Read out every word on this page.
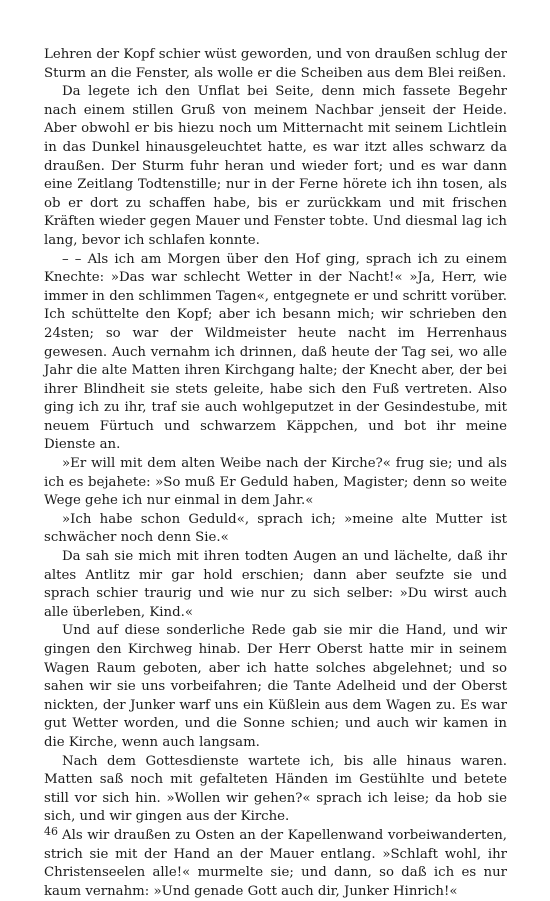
Lehren der Kopf schier wüst geworden, und von draußen schlug der Sturm an die Fenster, als wolle er die Scheiben aus dem Blei reißen.

Da legete ich den Unflat bei Seite, denn mich fassete Begehr nach einem stillen Gruß von meinem Nachbar jenseit der Heide. Aber obwohl er bis hiezu noch um Mitternacht mit seinem Lichtlein in das Dunkel hinausgeleuchtet hatte, es war itzt alles schwarz da draußen. Der Sturm fuhr heran und wieder fort; und es war dann eine Zeitlang Todtenstille; nur in der Ferne hörete ich ihn tosen, als ob er dort zu schaffen habe, bis er zurückkam und mit frischen Kräften wieder gegen Mauer und Fenster tobte. Und diesmal lag ich lang, bevor ich schlafen konnte.

– – Als ich am Morgen über den Hof ging, sprach ich zu einem Knechte: »Das war schlecht Wetter in der Nacht!« »Ja, Herr, wie immer in den schlimmen Tagen«, entgegnete er und schritt vorüber. Ich schüttelte den Kopf; aber ich besann mich; wir schrieben den 24sten; so war der Wildmeister heute nacht im Herrenhaus gewesen. Auch vernahm ich drinnen, daß heute der Tag sei, wo alle Jahr die alte Matten ihren Kirchgang halte; der Knecht aber, der bei ihrer Blindheit sie stets geleite, habe sich den Fuß vertreten. Also ging ich zu ihr, traf sie auch wohlgeputzet in der Gesindestube, mit neuem Fürtuch und schwarzem Käppchen, und bot ihr meine Dienste an.

»Er will mit dem alten Weibe nach der Kirche?« frug sie; und als ich es bejahete: »So muß Er Geduld haben, Magister; denn so weite Wege gehe ich nur einmal in dem Jahr.«

»Ich habe schon Geduld«, sprach ich; »meine alte Mutter ist schwächer noch denn Sie.«

Da sah sie mich mit ihren todten Augen an und lächelte, daß ihr altes Antlitz mir gar hold erschien; dann aber seufzte sie und sprach schier traurig und wie nur zu sich selber: »Du wirst auch alle überleben, Kind.«

Und auf diese sonderliche Rede gab sie mir die Hand, und wir gingen den Kirchweg hinab. Der Herr Oberst hatte mir in seinem Wagen Raum geboten, aber ich hatte solches abgelehnet; und so sahen wir sie uns vorbeifahren; die Tante Adelheid und der Oberst nickten, der Junker warf uns ein Küßlein aus dem Wagen zu. Es war gut Wetter worden, und die Sonne schien; und auch wir kamen in die Kirche, wenn auch langsam.

Nach dem Gottesdienste wartete ich, bis alle hinaus waren. Matten saß noch mit gefalteten Händen im Gestühlte und betete still vor sich hin. »Wollen wir gehen?« sprach ich leise; da hob sie sich, und wir gingen aus der Kirche.

Als wir draußen zu Osten an der Kapellenwand vorbeiwanderten, strich sie mit der Hand an der Mauer entlang. »Schlaft wohl, ihr Christenseelen alle!« murmelte sie; und dann, so daß ich es nur kaum vernahm: »Und genade Gott auch dir, Junker Hinrich!«

46
